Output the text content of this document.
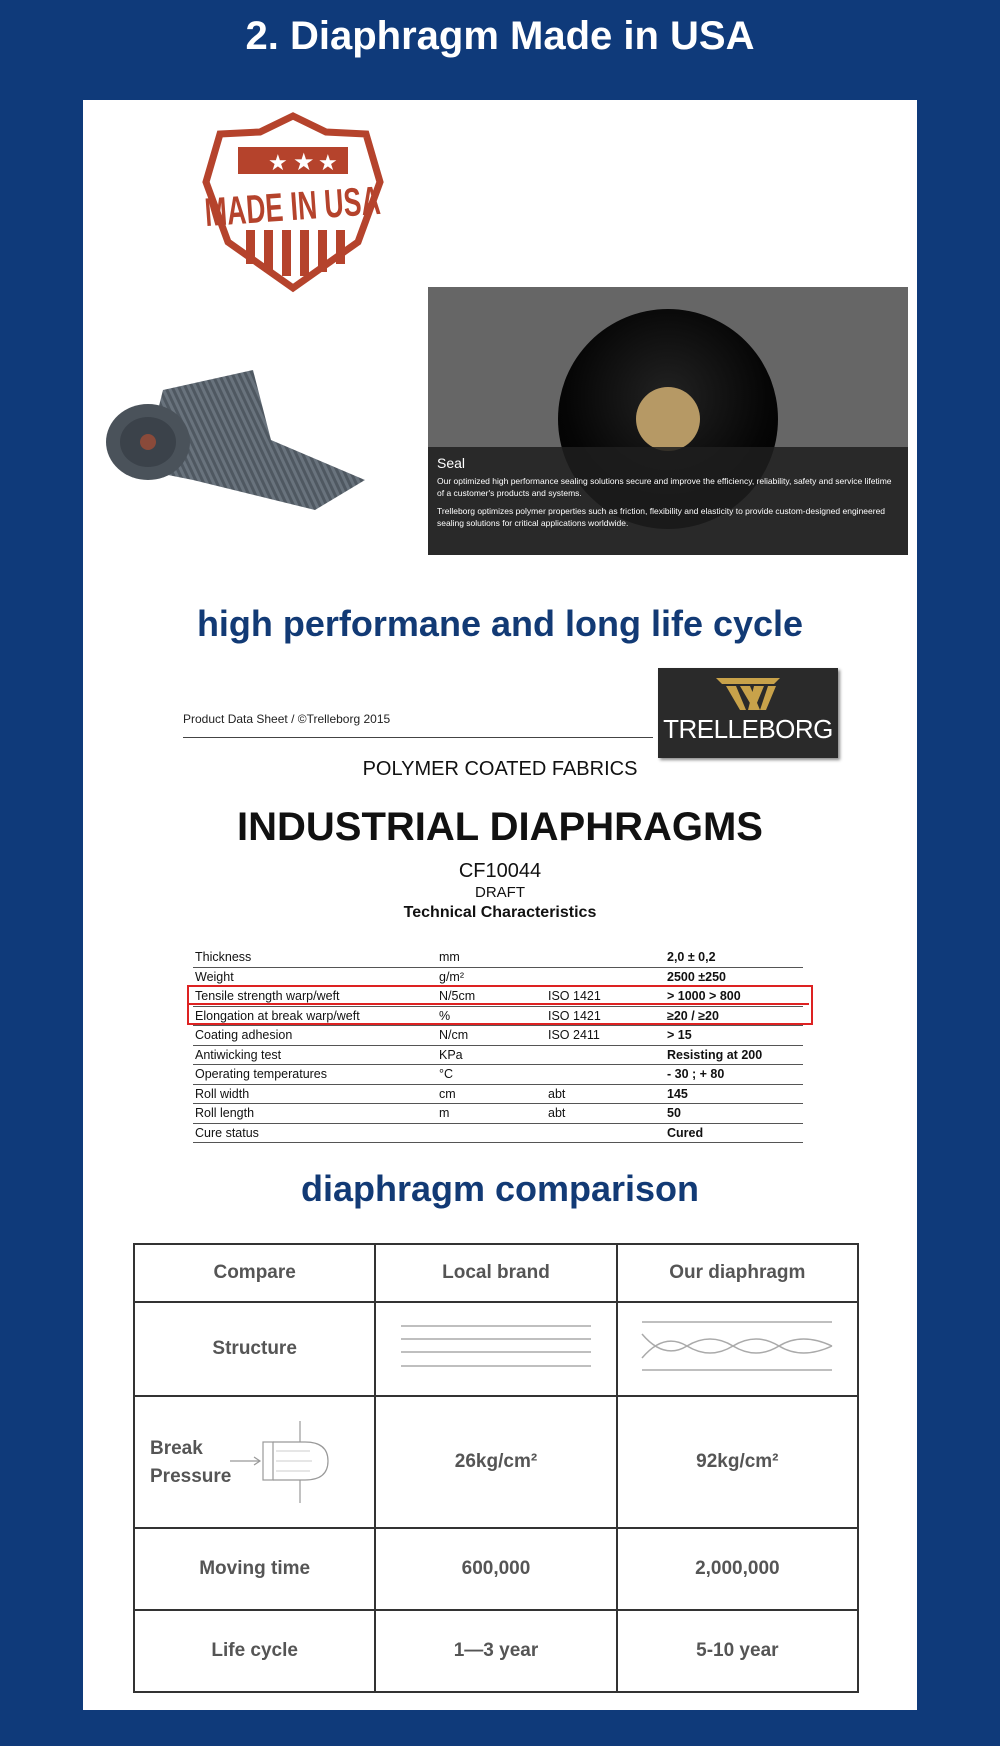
2. Diaphragm Made in USA
★ ★ ★
MADE IN USA
Seal

Our optimized high performance sealing solutions secure and improve the efficiency, reliability, safety and service lifetime of a customer's products and systems.

Trelleborg optimizes polymer properties such as friction, flexibility and elasticity to provide custom-designed engineered sealing solutions for critical applications worldwide.

high performane and long life cycle
Product Data Sheet / ©Trelleborg 2015	TRELLEBORG
POLYMER COATED FABRICS
INDUSTRIAL DIAPHRAGMS
CF10044
DRAFT
Technical Characteristics
Thickness	mm		2,0 ± 0,2
Weight	g/m²		2500 ±250
Tensile strength warp/weft	N/5cm	ISO 1421	> 1000 > 800
Elongation at break warp/weft	%	ISO 1421	≥20 / ≥20
Coating adhesion	N/cm	ISO 2411	> 15
Antiwicking test	KPa		Resisting at 200
Operating temperatures	°C		- 30 ; + 80
Roll width	cm	abt	145
Roll length	m	abt	50
Cure status			Cured
diaphragm comparison
Compare	Local brand	Our diaphragm
Structure		

Break
Pressure	26kg/cm²	92kg/cm²
Moving time	600,000	2,000,000
Life cycle	1—3 year	5-10 year
